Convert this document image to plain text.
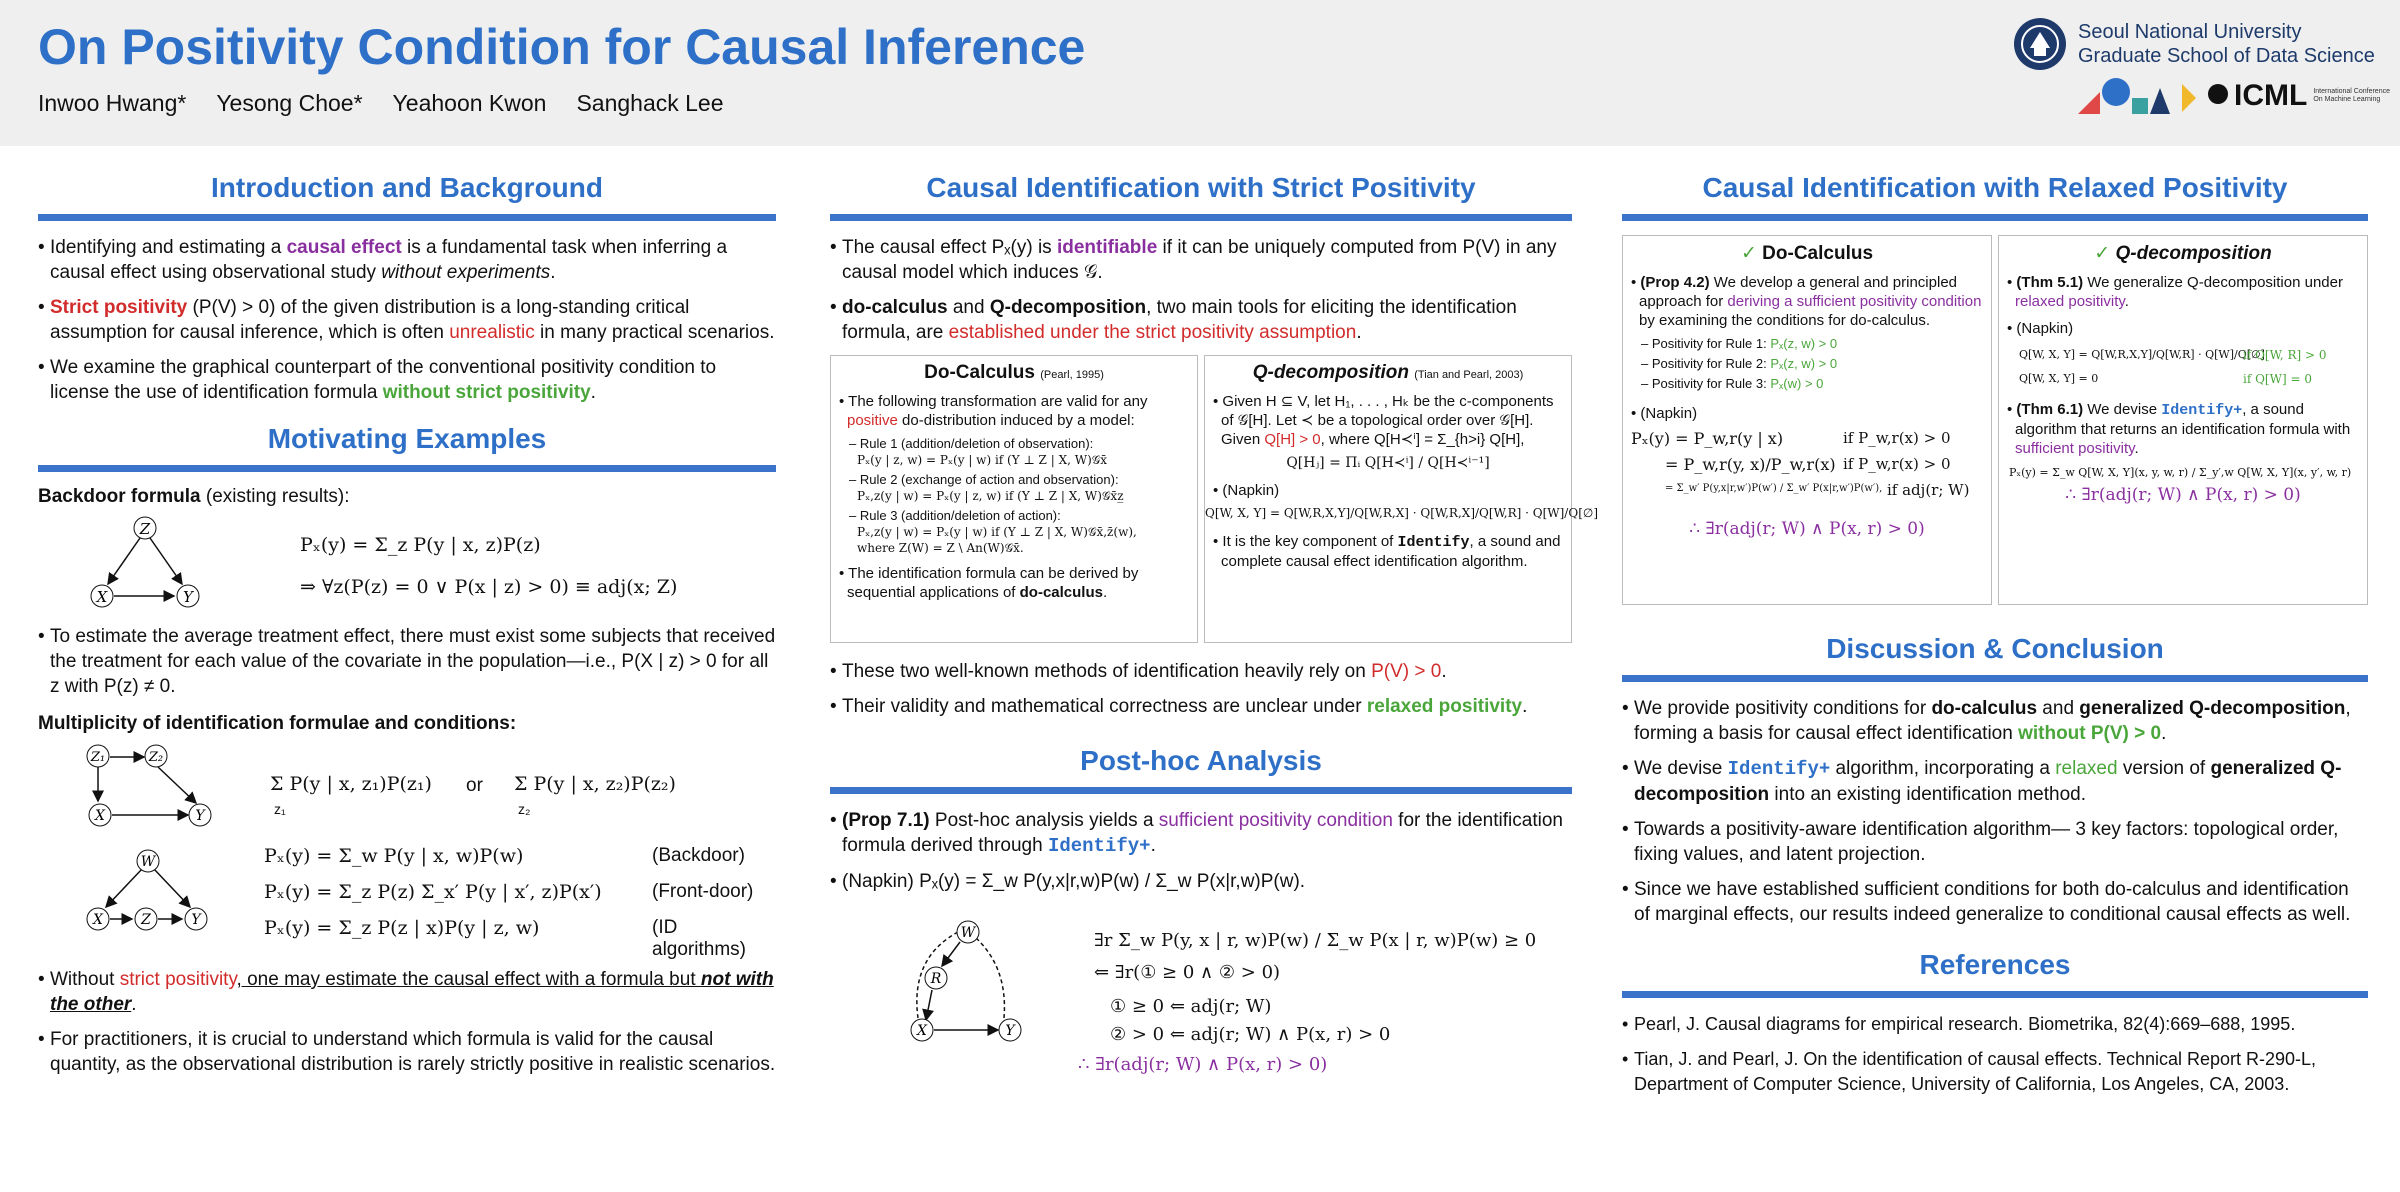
On Positivity Condition for Causal Inference
Inwoo Hwang* Yesong Choe* Yeahoon Kwon Sanghack Lee
Seoul National University
Graduate School of Data Science
ICML International Conference On Machine Learning
Introduction and Background
• Identifying and estimating a causal effect is a fundamental task when inferring a causal effect using observational study without experiments.
• Strict positivity (P(V) > 0) of the given distribution is a long-standing critical assumption for causal inference, which is often unrealistic in many practical scenarios.
• We examine the graphical counterpart of the conventional positivity condition to license the use of identification formula without strict positivity.
Motivating Examples
Backdoor formula (existing results):
Z
X	Y
Pₓ(y) = Σ_z P(y | x, z)P(z)
⇒ ∀z(P(z) = 0 ∨ P(x | z) > 0) ≡ adj(x; Z)
• To estimate the average treatment effect, there must exist some subjects that received the treatment for each value of the covariate in the population—i.e., P(X | z) > 0 for all z with P(z) ≠ 0.
Multiplicity of identification formulae and conditions:
Z₁	Z₂
X	Y
Σ P(y | x, z₁)P(z₁)
z₁
or Σ P(y | x, z₂)P(z₂)
z₂
W
X	Z	Y
Pₓ(y) = Σ_w P(y | x, w)P(w)	(Backdoor)
Pₓ(y) = Σ_z P(z) Σ_x′ P(y | x′, z)P(x′)	(Front-door)
Pₓ(y) = Σ_z P(z | x)P(y | z, w)	(ID algorithms)
• Without strict positivity, one may estimate the causal effect with a formula but not with the other.
• For practitioners, it is crucial to understand which formula is valid for the causal quantity, as the observational distribution is rarely strictly positive in realistic scenarios.
Causal Identification with Strict Positivity
• The causal effect Pₓ(y) is identifiable if it can be uniquely computed from P(V) in any causal model which induces 𝒢.
• do-calculus and Q-decomposition, two main tools for eliciting the identification formula, are established under the strict positivity assumption.
Do-Calculus (Pearl, 1995)
• The following transformation are valid for any positive do-distribution induced by a model:
– Rule 1 (addition/deletion of observation):
Pₓ(y | z, w) = Pₓ(y | w) if (Y ⊥ Z | X, W)𝒢x̄
– Rule 2 (exchange of action and observation):
Pₓ,z(y | w) = Pₓ(y | z, w) if (Y ⊥ Z | X, W)𝒢x̄z̲
– Rule 3 (addition/deletion of action):
Pₓ,z(y | w) = Pₓ(y | w) if (Y ⊥ Z | X, W)𝒢x̄,z̄(w),
where Z(W) = Z \ An(W)𝒢x̄.
• The identification formula can be derived by sequential applications of do-calculus.
Q-decomposition (Tian and Pearl, 2003)
• Given H ⊆ V, let H₁, . . . , Hₖ be the c-components of 𝒢[H]. Let ≺ be a topological order over 𝒢[H]. Given Q[H] > 0, where Q[H≺ⁱ] = Σ_{h>i} Q[H],
Q[Hⱼ] = Πᵢ Q[H≺ⁱ] / Q[H≺ⁱ⁻¹]
• (Napkin)
Q[W, X, Y] = Q[W,R,X,Y]/Q[W,R,X] · Q[W,R,X]/Q[W,R] · Q[W]/Q[∅]
• It is the key component of Identify, a sound and complete causal effect identification algorithm.
• These two well-known methods of identification heavily rely on P(V) > 0.
• Their validity and mathematical correctness are unclear under relaxed positivity.
Post-hoc Analysis
• (Prop 7.1) Post-hoc analysis yields a sufficient positivity condition for the identification formula derived through Identify+.
• (Napkin) Pₓ(y) = Σ_w P(y,x|r,w)P(w) / Σ_w P(x|r,w)P(w).
W
R
X	Y
∃r Σ_w P(y, x | r, w)P(w) / Σ_w P(x | r, w)P(w) ≥ 0
⇐ ∃r(① ≥ 0 ∧ ② > 0)
① ≥ 0 ⇐ adj(r; W)
② > 0 ⇐ adj(r; W) ∧ P(x, r) > 0
∴ ∃r(adj(r; W) ∧ P(x, r) > 0)
Causal Identification with Relaxed Positivity
✓ Do-Calculus
• (Prop 4.2) We develop a general and principled approach for deriving a sufficient positivity condition by examining the conditions for do-calculus.
– Positivity for Rule 1: Pₓ(z, w) > 0
– Positivity for Rule 2: Pₓ(z, w) > 0
– Positivity for Rule 3: Pₓ(w) > 0
• (Napkin)
Pₓ(y) = P_w,r(y | x)	if P_w,r(x) > 0
= P_w,r(y, x)/P_w,r(x) if P_w,r(x) > 0
= Σ_w′ P(y,x|r,w′)P(w′) / Σ_w′ P(x|r,w′)P(w′), if adj(r; W)
∴ ∃r(adj(r; W) ∧ P(x, r) > 0)
✓ Q-decomposition
• (Thm 5.1) We generalize Q-decomposition under relaxed positivity.
• (Napkin)
Q[W, X, Y] = Q[W,R,X,Y]/Q[W,R] · Q[W]/Q[∅]
if Q[W, R] > 0
Q[W, X, Y] = 0	if Q[W] = 0
• (Thm 6.1) We devise Identify+, a sound algorithm that returns an identification formula with sufficient positivity.
Pₓ(y) = Σ_w Q[W, X, Y](x, y, w, r) / Σ_y′,w Q[W, X, Y](x, y′, w, r)
∴ ∃r(adj(r; W) ∧ P(x, r) > 0)
Discussion & Conclusion
• We provide positivity conditions for do-calculus and generalized Q-decomposition, forming a basis for causal effect identification without P(V) > 0.
• We devise Identify+ algorithm, incorporating a relaxed version of generalized Q-decomposition into an existing identification method.
• Towards a positivity-aware identification algorithm— 3 key factors: topological order, fixing values, and latent projection.
• Since we have established sufficient conditions for both do-calculus and identification of marginal effects, our results indeed generalize to conditional causal effects as well.
References
• Pearl, J. Causal diagrams for empirical research. Biometrika, 82(4):669–688, 1995.
• Tian, J. and Pearl, J. On the identification of causal effects. Technical Report R-290-L, Department of Computer Science, University of California, Los Angeles, CA, 2003.
